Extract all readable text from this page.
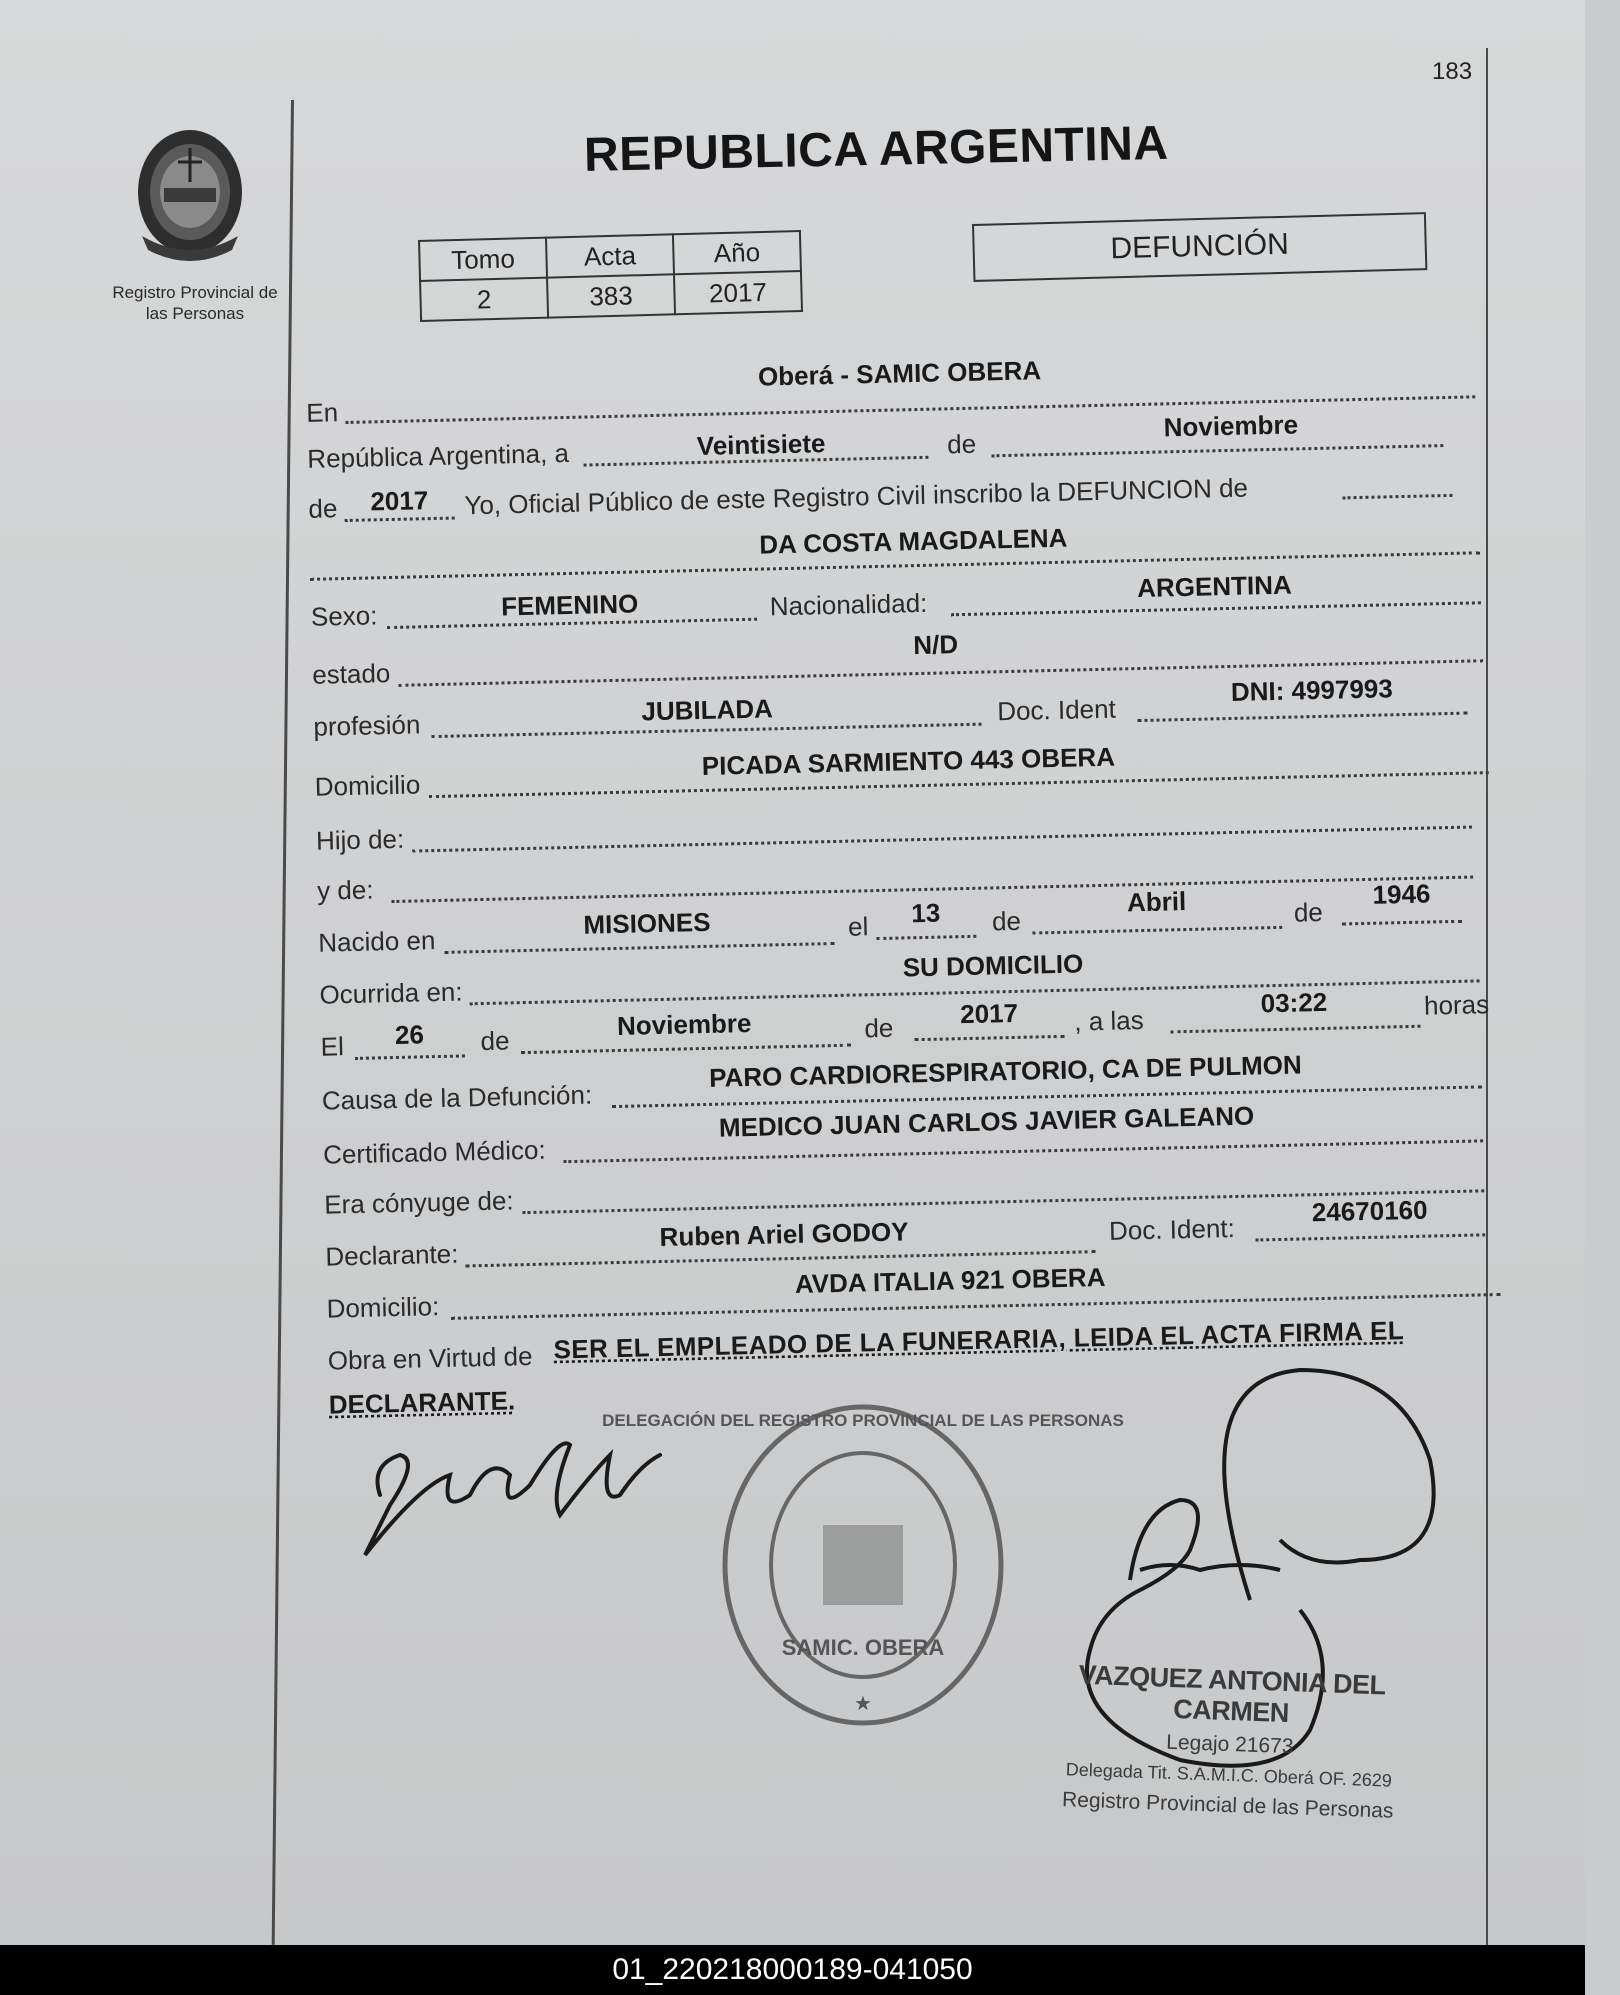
183
Registro Provincial de
las Personas
REPUBLICA ARGENTINA
Tomo	Acta	Año
2	383	2017
DEFUNCIÓN
En
Oberá - SAMIC OBERA
República Argentina, a	Veintisiete	de
Noviembre
de	2017	Yo, Oficial Público de este Registro Civil inscribo la DEFUNCION de
DA COSTA MAGDALENA
Sexo:	FEMENINO	Nacionalidad:
ARGENTINA
estado
N/D
profesión	JUBILADA	Doc. Ident
DNI: 4997993
Domicilio
PICADA SARMIENTO 443 OBERA
Hijo de:
y de:
Nacido en
MISIONES	el	13	de
Abril	de
1946
Ocurrida en:
SU DOMICILIO
El	26	de	Noviembre	de	2017	, a las
03:22	horas
Causa de la Defunción:
PARO CARDIORESPIRATORIO, CA DE PULMON
Certificado Médico:
MEDICO JUAN CARLOS JAVIER GALEANO
Era cónyuge de:
Declarante:
Ruben Ariel GODOY	Doc. Ident:
24670160
Domicilio:
AVDA ITALIA 921 OBERA
Obra en Virtud de SER EL EMPLEADO DE LA FUNERARIA, LEIDA EL ACTA FIRMA EL
DECLARANTE.
DELEGACIÓN DEL REGISTRO PROVINCIAL DE LAS PERSONAS
SAMIC. OBERA
★
VAZQUEZ ANTONIA DEL CARMEN
Legajo 21673
Delegada Tit. S.A.M.I.C. Oberá OF. 2629
Registro Provincial de las Personas
01_220218000189-041050
